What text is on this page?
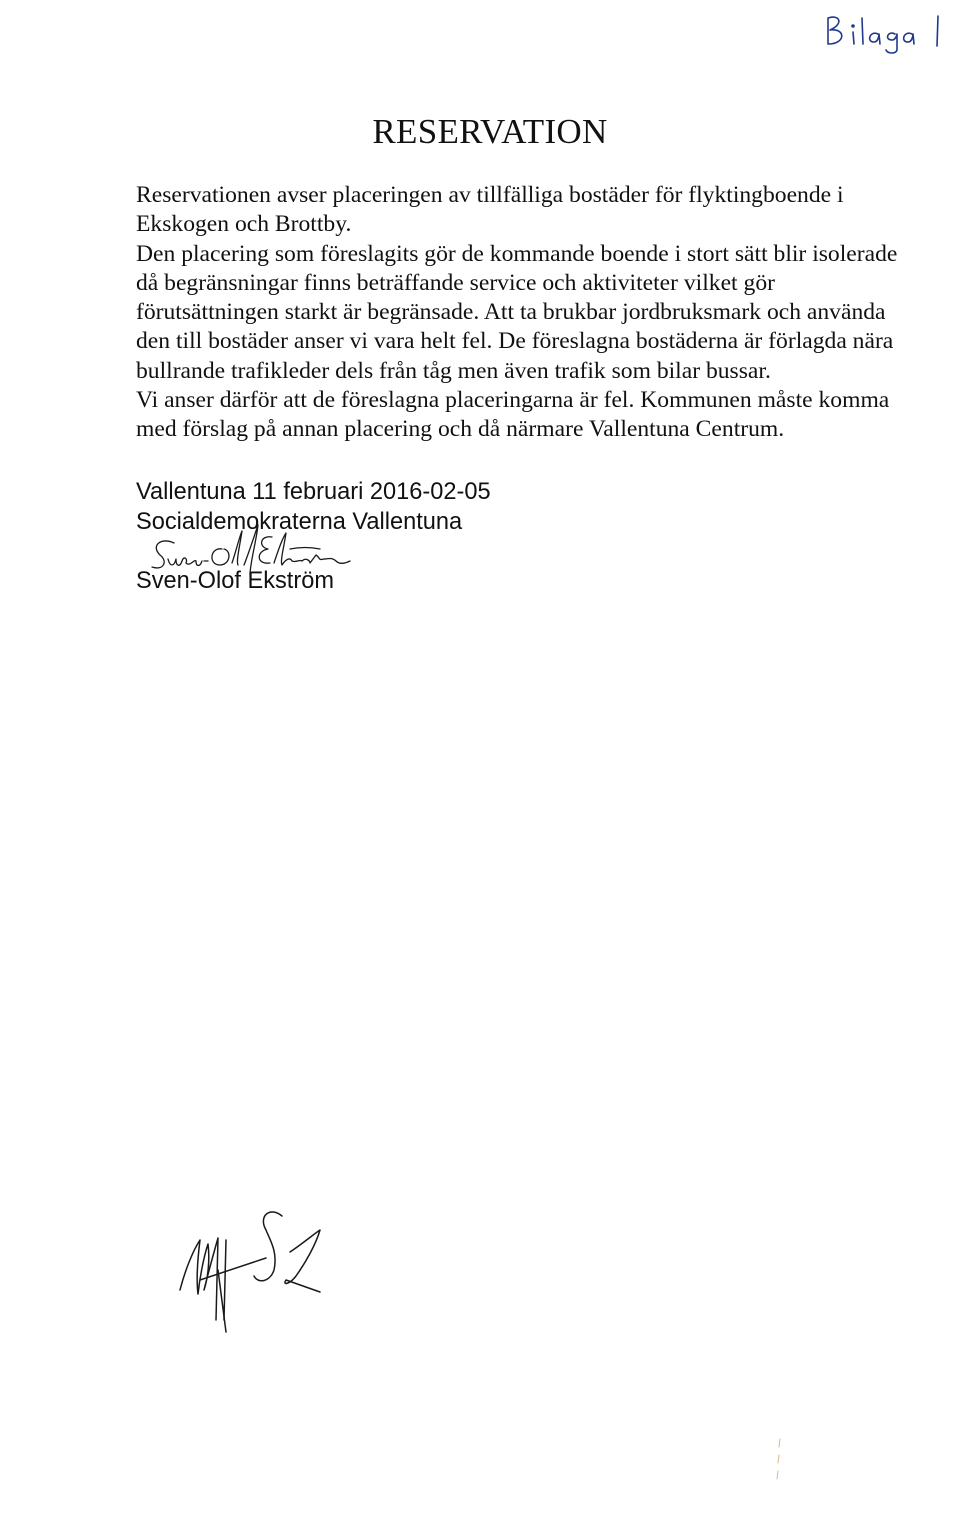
RESERVATION

Reservationen avser placeringen av tillfälliga bostäder för flyktingboende i
Ekskogen och Brottby.
Den placering som föreslagits gör de kommande boende i stort sätt blir isolerade
då begränsningar finns beträffande service och aktiviteter vilket gör
förutsättningen starkt är begränsade. Att ta brukbar jordbruksmark och använda
den till bostäder anser vi vara helt fel. De föreslagna bostäderna är förlagda nära
bullrande trafikleder dels från tåg men även trafik som bilar bussar.
Vi anser därför att de föreslagna placeringarna är fel. Kommunen måste komma
med förslag på annan placering och då närmare Vallentuna Centrum.

Vallentuna 11 februari 2016-02-05
Socialdemokraterna Vallentuna
Sven-Olof Ekström
